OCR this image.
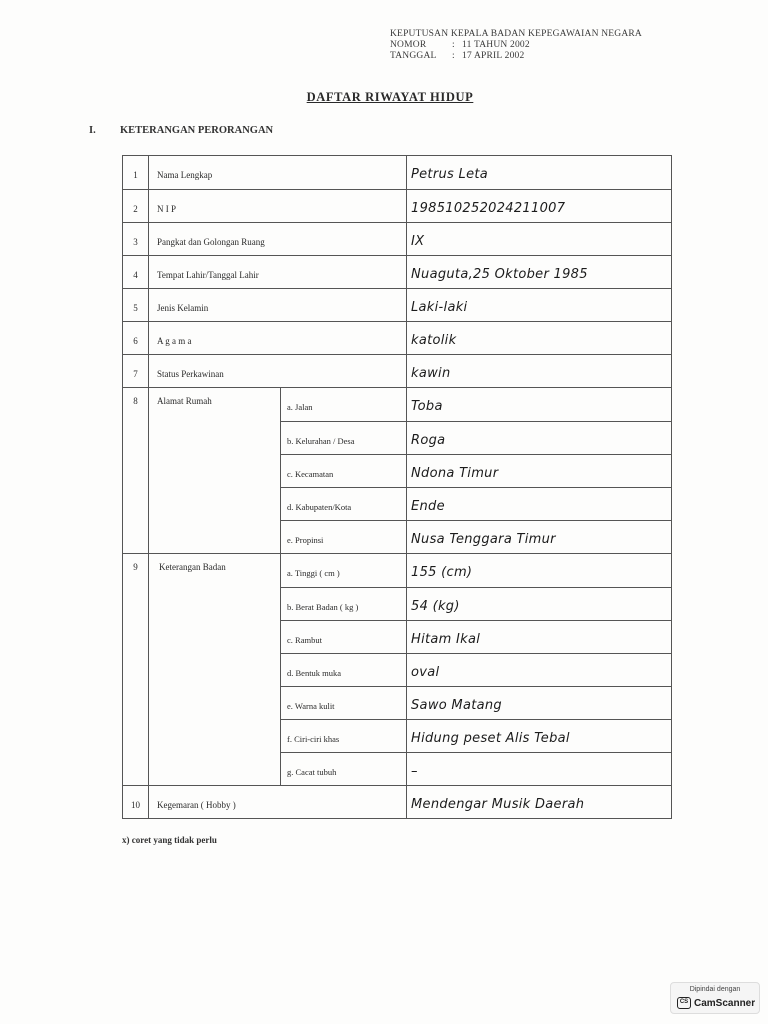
KEPUTUSAN KEPALA BADAN KEPEGAWAIAN NEGARA
NOMOR	: 11 TAHUN 2002
TANGGAL : 17 APRIL 2002
DAFTAR RIWAYAT HIDUP
I. KETERANGAN PERORANGAN
1	Nama Lengkap	Petrus Leta
2	N I P	198510252024211007
3	Pangkat dan Golongan Ruang	IX
4	Tempat Lahir/Tanggal Lahir	Nuaguta,25 Oktober 1985
5	Jenis Kelamin	Laki-laki
6	A g a m a	katolik
7	Status Perkawinan	kawin
8	Alamat Rumah
a. Jalan	Toba
b. Kelurahan / Desa	Roga
c. Kecamatan	Ndona Timur
d. Kabupaten/Kota	Ende
e. Propinsi	Nusa Tenggara Timur
9	Keterangan Badan
a. Tinggi ( cm )	155 (cm)
b. Berat Badan ( kg )	54 (kg)
c. Rambut	Hitam Ikal
d. Bentuk muka	oval
e. Warna kulit	Sawo Matang
f. Ciri-ciri khas	Hidung peset Alis Tebal
g. Cacat tubuh	–
10	Kegemaran ( Hobby )	Mendengar Musik Daerah
x) coret yang tidak perlu
Dipindai dengan
CS CamScanner
